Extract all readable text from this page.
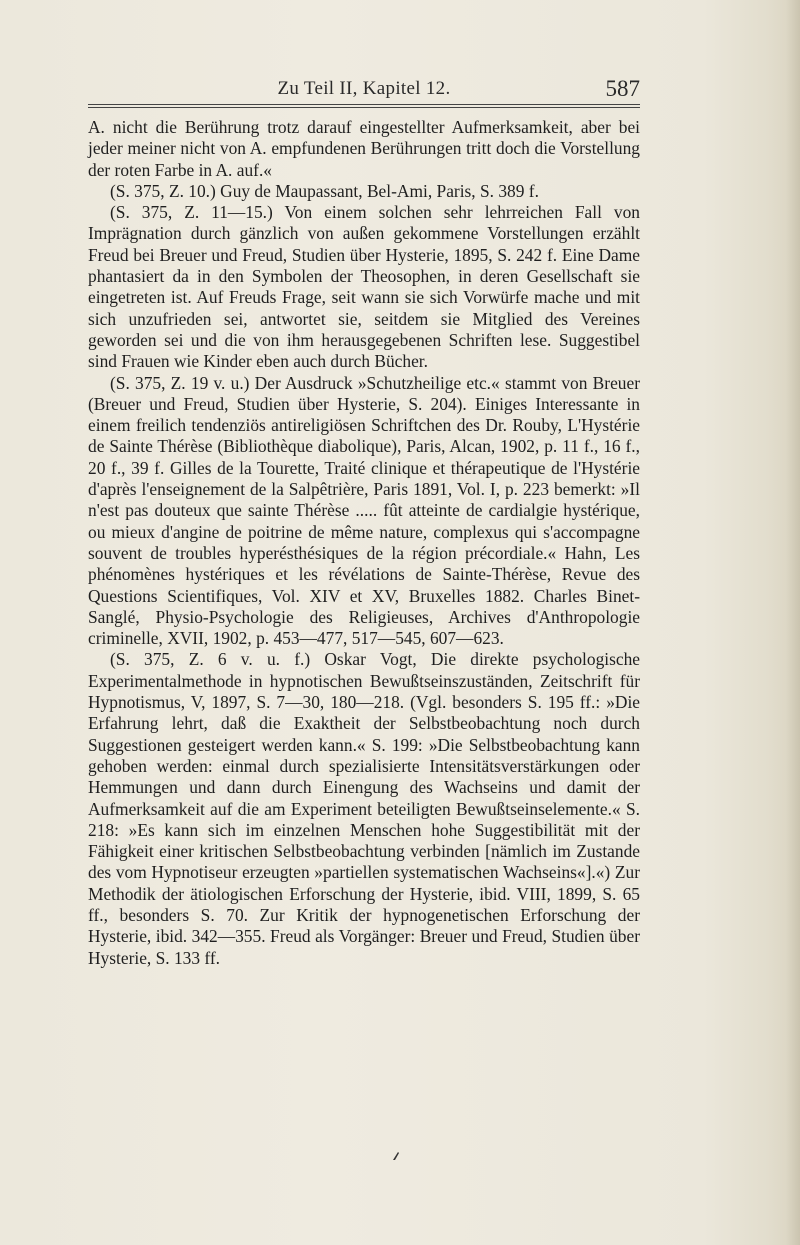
Zu Teil II, Kapitel 12.	587

A. nicht die Berührung trotz darauf eingestellter Aufmerksamkeit, aber bei jeder meiner nicht von A. empfundenen Berührungen tritt doch die Vorstellung der roten Farbe in A. auf.«

(S. 375, Z. 10.) Guy de Maupassant, Bel-Ami, Paris, S. 389 f.

(S. 375, Z. 11—15.) Von einem solchen sehr lehrreichen Fall von Imprägnation durch gänzlich von außen gekommene Vorstellungen erzählt Freud bei Breuer und Freud, Studien über Hysterie, 1895, S. 242 f. Eine Dame phantasiert da in den Symbolen der Theosophen, in deren Gesellschaft sie eingetreten ist. Auf Freuds Frage, seit wann sie sich Vorwürfe mache und mit sich unzufrieden sei, antwortet sie, seitdem sie Mitglied des Vereines geworden sei und die von ihm herausgegebenen Schriften lese. Suggestibel sind Frauen wie Kinder eben auch durch Bücher.

(S. 375, Z. 19 v. u.) Der Ausdruck »Schutzheilige etc.« stammt von Breuer (Breuer und Freud, Studien über Hysterie, S. 204). Einiges Interessante in einem freilich tendenziös antireligiösen Schriftchen des Dr. Rouby, L'Hystérie de Sainte Thérèse (Bibliothèque diabolique), Paris, Alcan, 1902, p. 11 f., 16 f., 20 f., 39 f. Gilles de la Tourette, Traité clinique et thérapeutique de l'Hystérie d'après l'enseignement de la Salpêtrière, Paris 1891, Vol. I, p. 223 bemerkt: »Il n'est pas douteux que sainte Thérèse ..... fût atteinte de cardialgie hystérique, ou mieux d'angine de poitrine de même nature, complexus qui s'accompagne souvent de troubles hyperésthésiques de la région précordiale.« Hahn, Les phénomènes hystériques et les révélations de Sainte-Thérèse, Revue des Questions Scientifiques, Vol. XIV et XV, Bruxelles 1882. Charles Binet-Sanglé, Physio-Psychologie des Religieuses, Archives d'Anthropologie criminelle, XVII, 1902, p. 453—477, 517—545, 607—623.

(S. 375, Z. 6 v. u. f.) Oskar Vogt, Die direkte psychologische Experimentalmethode in hypnotischen Bewußtseinszuständen, Zeitschrift für Hypnotismus, V, 1897, S. 7—30, 180—218. (Vgl. besonders S. 195 ff.: »Die Erfahrung lehrt, daß die Exaktheit der Selbstbeobachtung noch durch Suggestionen gesteigert werden kann.« S. 199: »Die Selbstbeobachtung kann gehoben werden: einmal durch spezialisierte Intensitätsverstärkungen oder Hemmungen und dann durch Einengung des Wachseins und damit der Aufmerksamkeit auf die am Experiment beteiligten Bewußtseinselemente.« S. 218: »Es kann sich im einzelnen Menschen hohe Suggestibilität mit der Fähigkeit einer kritischen Selbstbeobachtung verbinden [nämlich im Zustande des vom Hypnotiseur erzeugten »partiellen systematischen Wachseins«].«) Zur Methodik der ätiologischen Erforschung der Hysterie, ibid. VIII, 1899, S. 65 ff., besonders S. 70. Zur Kritik der hypnogenetischen Erforschung der Hysterie, ibid. 342—355. Freud als Vorgänger: Breuer und Freud, Studien über Hysterie, S. 133 ff.
